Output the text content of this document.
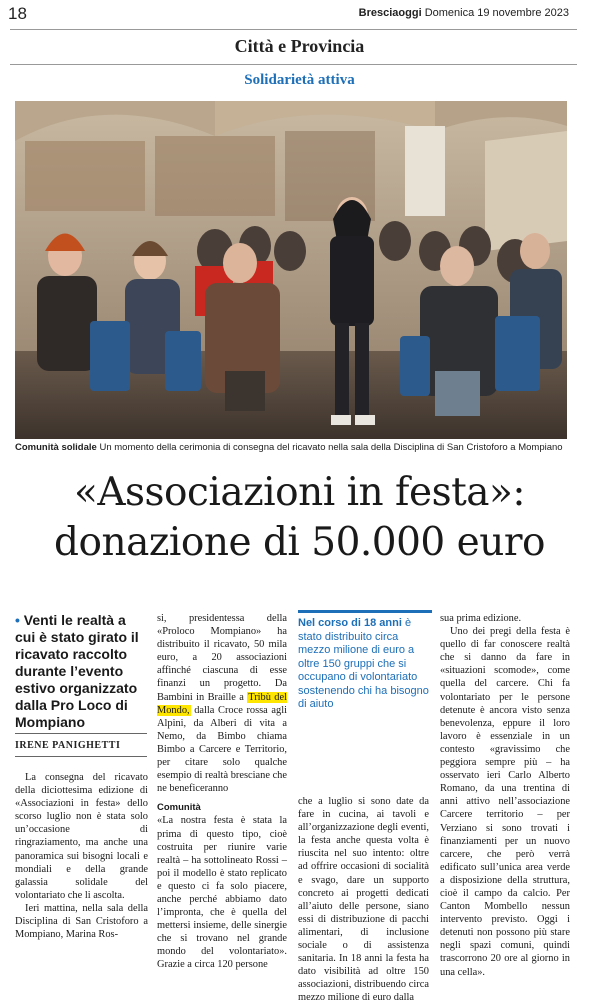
18	Bresciaoggi Domenica 19 novembre 2023
Città e Provincia
Solidarietà attiva
Comunità solidale Un momento della cerimonia di consegna del ricavato nella sala della Disciplina di San Cristoforo a Mompiano
«Associazioni in festa»:
donazione di 50.000 euro
• Venti le realtà a cui è stato girato il ricavato raccolto durante l’evento estivo organizzato dalla Pro Loco di Mompiano
IRENE PANIGHETTI

La consegna del ricavato della diciottesima edizione di «Associazioni in festa» dello scorso luglio non è stata solo un’occasione di ringraziamento, ma anche una panoramica sui bisogni locali e mondiali e della grande galassia solidale del volontariato che li ascolta.

Ieri mattina, nella sala della Disciplina di San Cristoforo a Mompiano, Marina Ros-

si, presidentessa della «Proloco Mompiano» ha distribuito il ricavato, 50 mila euro, a 20 associazioni affinché ciascuna di esse finanzi un progetto. Da Bambini in Braille a Tribù del Mondo, dalla Croce rossa agli Alpini, da Alberi di vita a Nemo, da Bimbo chiama Bimbo a Carcere e Territorio, per citare solo qualche esempio di realtà bresciane che ne beneficeranno

Comunità

«La nostra festa è stata la prima di questo tipo, cioè costruita per riunire varie realtà – ha sottolineato Rossi – poi il modello è stato replicato e questo ci fa solo piacere, anche perché abbiamo dato l’impronta, che è quella del mettersi insieme, delle sinergie che si trovano nel grande mondo del volontariato». Grazie a circa 120 persone

Nel corso di 18 anni è stato distribuito circa mezzo milione di euro a oltre 150 gruppi che si occupano di volontariato sostenendo chi ha bisogno di aiuto

che a luglio si sono date da fare in cucina, ai tavoli e all’organizzazione degli eventi, la festa anche questa volta è riuscita nel suo intento: oltre ad offrire occasioni di socialità e svago, dare un supporto concreto ai progetti dedicati all’aiuto delle persone, siano essi di distribuzione di pacchi alimentari, di inclusione sociale o di assistenza sanitaria. In 18 anni la festa ha dato visibilità ad oltre 150 associazioni, distribuendo circa mezzo milione di euro dalla

sua prima edizione.

Uno dei pregi della festa è quello di far conoscere realtà che si danno da fare in «situazioni scomode», come quella del carcere. Chi fa volontariato per le persone detenute è ancora visto senza benevolenza, eppure il loro lavoro è essenziale in un contesto «gravissimo che peggiora sempre più – ha osservato ieri Carlo Alberto Romano, da una trentina di anni attivo nell’associazione Carcere territorio – per Verziano si sono trovati i finanziamenti per un nuovo carcere, che però verrà edificato sull’unica area verde a disposizione della struttura, cioè il campo da calcio. Per Canton Mombello nessun intervento previsto. Oggi i detenuti non possono più stare negli spazi comuni, quindi trascorrono 20 ore al giorno in una cella».
